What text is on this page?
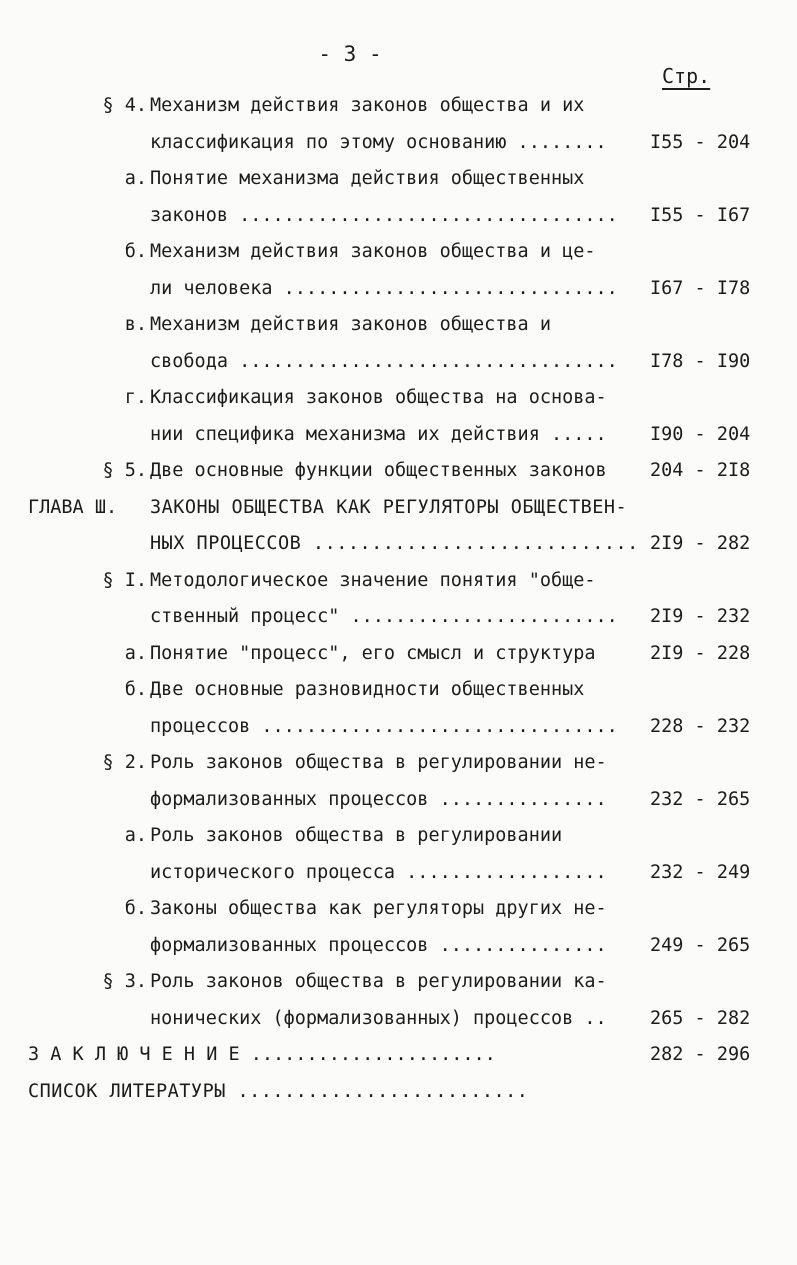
- 3 -
Стр.
§ 4. Механизм действия законов общества и их
классификация по этому основанию ........ I55 - 204
а. Понятие механизма действия общественных
законов .................................. I55 - I67
б. Механизм действия законов общества и це-
ли человека .............................. I67 - I78
в. Механизм действия законов общества и
свобода .................................. I78 - I90
г. Классификация законов общества на основа-
нии специфика механизма их действия ..... I90 - 204
§ 5. Две основные функции общественных законов 204 - 2I8
ГЛАВА Ш. ЗАКОНЫ ОБЩЕСТВА КАК РЕГУЛЯТОРЫ ОБЩЕСТВЕН-
НЫХ ПРОЦЕССОВ ............................ 2I9 - 282
§ I. Методологическое значение понятия "обще-
ственный процесс" ........................ 2I9 - 232
а. Понятие "процесс", его смысл и структура	2I9 - 228
б. Две основные разновидности общественных
процессов ................................ 228 - 232
§ 2. Роль законов общества в регулировании не-
формализованных процессов ............... 232 - 265
а. Роль законов общества в регулировании
исторического процесса .................. 232 - 249
б. Законы общества как регуляторы других не-
формализованных процессов ............... 249 - 265
§ 3. Роль законов общества в регулировании ка-
нонических (формализованных) процессов .. 265 - 282
З А К Л Ю Ч Е Н И Е ......................	282 - 296
СПИСОК ЛИТЕРАТУРЫ .........................
